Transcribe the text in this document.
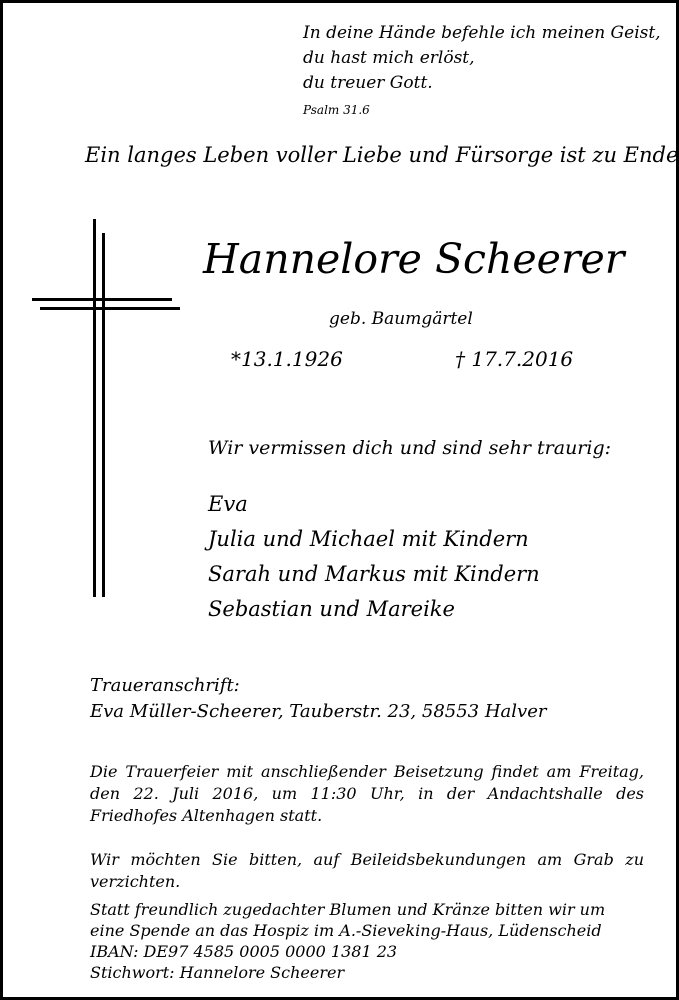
In deine Hände befehle ich meinen Geist,
du hast mich erlöst,
du treuer Gott.
Psalm 31.6
Ein langes Leben voller Liebe und Fürsorge ist zu Ende
Hannelore Scheerer
geb. Baumgärtel
*13.1.1926	† 17.7.2016
Wir vermissen dich und sind sehr traurig:
Eva
Julia und Michael mit Kindern
Sarah und Markus mit Kindern
Sebastian und Mareike
Traueranschrift:
Eva Müller-Scheerer, Tauberstr. 23, 58553 Halver
Die Trauerfeier mit anschließender Beisetzung findet am Freitag, den 22. Juli 2016, um 11:30 Uhr, in der Andachtshalle des Friedhofes Altenhagen statt.
Wir möchten Sie bitten, auf Beileidsbekundungen am Grab zu verzichten.
Statt freundlich zugedachter Blumen und Kränze bitten wir um
eine Spende an das Hospiz im A.-Sieveking-Haus, Lüdenscheid
IBAN: DE97 4585 0005 0000 1381 23
Stichwort: Hannelore Scheerer
